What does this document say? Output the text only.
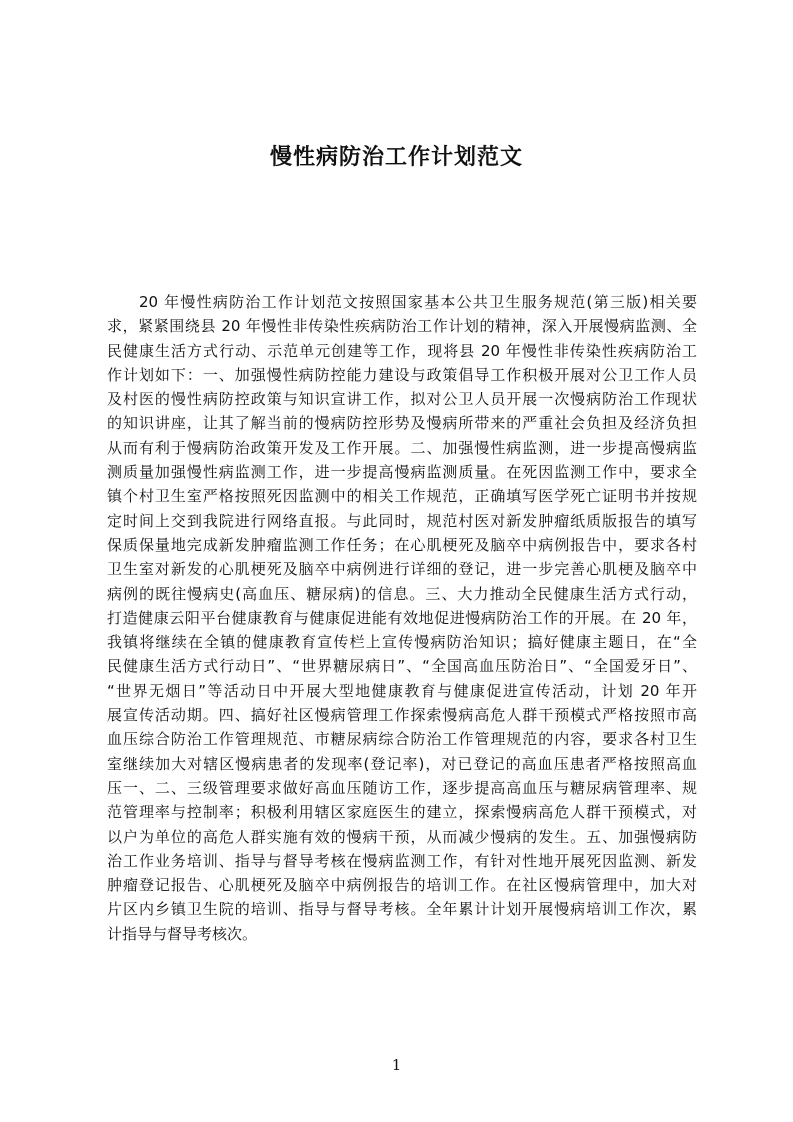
慢性病防治工作计划范文
20 年慢性病防治工作计划范文按照国家基本公共卫生服务规范(第三版)相关要
求，紧紧围绕县 20 年慢性非传染性疾病防治工作计划的精神，深入开展慢病监测、全
民健康生活方式行动、示范单元创建等工作，现将县 20 年慢性非传染性疾病防治工
作计划如下：一、加强慢性病防控能力建设与政策倡导工作积极开展对公卫工作人员
及村医的慢性病防控政策与知识宣讲工作，拟对公卫人员开展一次慢病防治工作现状
的知识讲座，让其了解当前的慢病防控形势及慢病所带来的严重社会负担及经济负担
从而有利于慢病防治政策开发及工作开展。二、加强慢性病监测，进一步提高慢病监
测质量加强慢性病监测工作，进一步提高慢病监测质量。在死因监测工作中，要求全
镇个村卫生室严格按照死因监测中的相关工作规范，正确填写医学死亡证明书并按规
定时间上交到我院进行网络直报。与此同时，规范村医对新发肿瘤纸质版报告的填写
保质保量地完成新发肿瘤监测工作任务；在心肌梗死及脑卒中病例报告中，要求各村
卫生室对新发的心肌梗死及脑卒中病例进行详细的登记，进一步完善心肌梗及脑卒中
病例的既往慢病史(高血压、糖尿病)的信息。三、大力推动全民健康生活方式行动，
打造健康云阳平台健康教育与健康促进能有效地促进慢病防治工作的开展。在 20 年，
我镇将继续在全镇的健康教育宣传栏上宣传慢病防治知识；搞好健康主题日，在“全
民健康生活方式行动日”、“世界糖尿病日”、“全国高血压防治日”、“全国爱牙日”、
“世界无烟日”等活动日中开展大型地健康教育与健康促进宣传活动，计划 20 年开
展宣传活动期。四、搞好社区慢病管理工作探索慢病高危人群干预模式严格按照市高
血压综合防治工作管理规范、市糖尿病综合防治工作管理规范的内容，要求各村卫生
室继续加大对辖区慢病患者的发现率(登记率)，对已登记的高血压患者严格按照高血
压一、二、三级管理要求做好高血压随访工作，逐步提高高血压与糖尿病管理率、规
范管理率与控制率；积极利用辖区家庭医生的建立，探索慢病高危人群干预模式，对
以户为单位的高危人群实施有效的慢病干预，从而减少慢病的发生。五、加强慢病防
治工作业务培训、指导与督导考核在慢病监测工作，有针对性地开展死因监测、新发
肿瘤登记报告、心肌梗死及脑卒中病例报告的培训工作。在社区慢病管理中，加大对
片区内乡镇卫生院的培训、指导与督导考核。全年累计计划开展慢病培训工作次，累
计指导与督导考核次。
1
